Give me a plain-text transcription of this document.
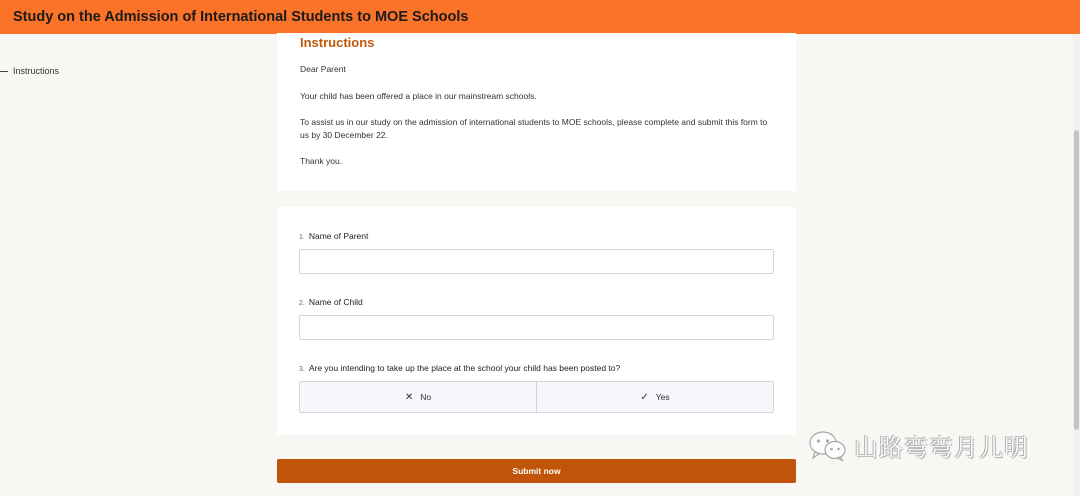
Study on the Admission of International Students to MOE Schools
Instructions
Instructions

Dear Parent

Your child has been offered a place in our mainstream schools.

To assist us in our study on the admission of international students to MOE schools, please complete and submit this form to us by 30 December 22.

Thank you.

1. Name of Parent
2. Name of Child
3. Are you intending to take up the place at the school your child has been posted to?
✕ No	✓ Yes
Submit now
山路弯弯月儿明
